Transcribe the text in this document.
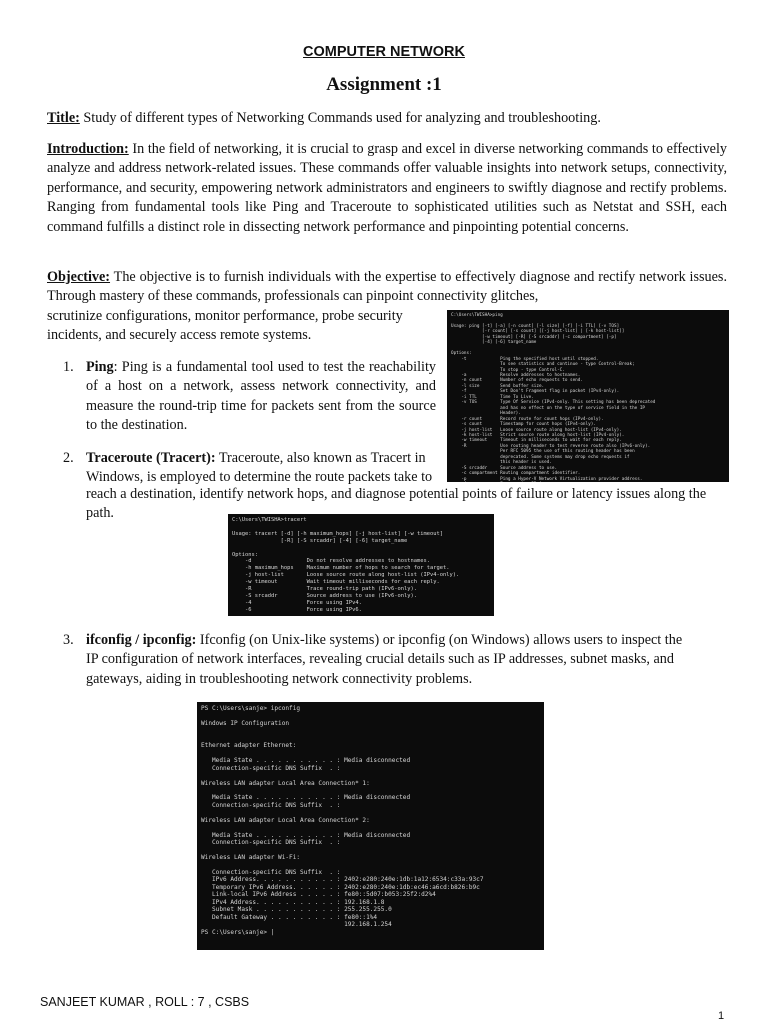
COMPUTER NETWORK
Assignment :1

Title: Study of different types of Networking Commands used for analyzing and troubleshooting.

Introduction: In the field of networking, it is crucial to grasp and excel in diverse networking commands to effectively analyze and address network-related issues. These commands offer valuable insights into network setups, connectivity, performance, and security, empowering network administrators and engineers to swiftly diagnose and rectify problems. Ranging from fundamental tools like Ping and Traceroute to sophisticated utilities such as Netstat and SSH, each command fulfills a distinct role in dissecting network performance and pinpointing potential concerns.

Objective: The objective is to furnish individuals with the expertise to effectively diagnose and rectify network issues. Through mastery of these commands, professionals can pinpoint connectivity glitches,

scrutinize configurations, monitor performance, probe security incidents, and securely access remote systems.

1. Ping: Ping is a fundamental tool used to test the reachability of a host on a network, assess network connectivity, and measure the round-trip time for packets sent from the source to the destination.

C:\Users\TWISHA>ping

Usage: ping [-t] [-a] [-n count] [-l size] [-f] [-i TTL] [-v TOS]
[-r count] [-s count] [[-j host-list] | [-k host-list]]
[-w timeout] [-R] [-S srcaddr] [-c compartment] [-p]
[-4] [-6] target_name

Options:
-t             Ping the specified host until stopped.
To see statistics and continue - type Control-Break;
To stop - type Control-C.
-a             Resolve addresses to hostnames.
-n count       Number of echo requests to send.
-l size        Send buffer size.
-f             Set Don't Fragment flag in packet (IPv4-only).
-i TTL         Time To Live.
-v TOS         Type Of Service (IPv4-only. This setting has been deprecated
and has no effect on the type of service field in the IP
Header).
-r count       Record route for count hops (IPv4-only).
-s count       Timestamp for count hops (IPv4-only).
-j host-list   Loose source route along host-list (IPv4-only).
-k host-list   Strict source route along host-list (IPv4-only).
-w timeout     Timeout in milliseconds to wait for each reply.
-R             Use routing header to test reverse route also (IPv6-only).
Per RFC 5095 the use of this routing header has been
deprecated. Some systems may drop echo requests if
this header is used.
-S srcaddr     Source address to use.
-c compartment Routing compartment identifier.
-p             Ping a Hyper-V Network Virtualization provider address.
2. Traceroute (Tracert): Traceroute, also known as Tracert in Windows, is employed to determine the route packets take to

reach a destination, identify network hops, and diagnose potential points of failure or latency issues along the path.	C:\Users\TWISHA>tracert

Usage: tracert [-d] [-h maximum_hops] [-j host-list] [-w timeout]
[-R] [-S srcaddr] [-4] [-6] target_name

Options:
-d                 Do not resolve addresses to hostnames.
-h maximum_hops    Maximum number of hops to search for target.
-j host-list       Loose source route along host-list (IPv4-only).
-w timeout         Wait timeout milliseconds for each reply.
-R                 Trace round-trip path (IPv6-only).
-S srcaddr         Source address to use (IPv6-only).
-4                 Force using IPv4.
-6                 Force using IPv6.
3. ifconfig / ipconfig: Ifconfig (on Unix-like systems) or ipconfig (on Windows) allows users to inspect the IP configuration of network interfaces, revealing crucial details such as IP addresses, subnet masks, and gateways, aiding in troubleshooting network connectivity problems.

PS C:\Users\sanje> ipconfig

Windows IP Configuration

Ethernet adapter Ethernet:

Media State . . . . . . . . . . . : Media disconnected
Connection-specific DNS Suffix  . :

Wireless LAN adapter Local Area Connection* 1:

Media State . . . . . . . . . . . : Media disconnected
Connection-specific DNS Suffix  . :

Wireless LAN adapter Local Area Connection* 2:

Media State . . . . . . . . . . . : Media disconnected
Connection-specific DNS Suffix  . :

Wireless LAN adapter Wi-Fi:

Connection-specific DNS Suffix  . :
IPv6 Address. . . . . . . . . . . : 2402:e280:240e:1db:1a12:6534:c33a:93c7
Temporary IPv6 Address. . . . . . : 2402:e280:240e:1db:ec46:a6cd:b826:b9c
Link-local IPv6 Address . . . . . : fe80::5d07:b053:25f2:d2%4
IPv4 Address. . . . . . . . . . . : 192.168.1.8
Subnet Mask . . . . . . . . . . . : 255.255.255.0
Default Gateway . . . . . . . . . : fe80::1%4
192.168.1.254
PS C:\Users\sanje> |
SANJEET KUMAR , ROLL : 7 , CSBS
1
